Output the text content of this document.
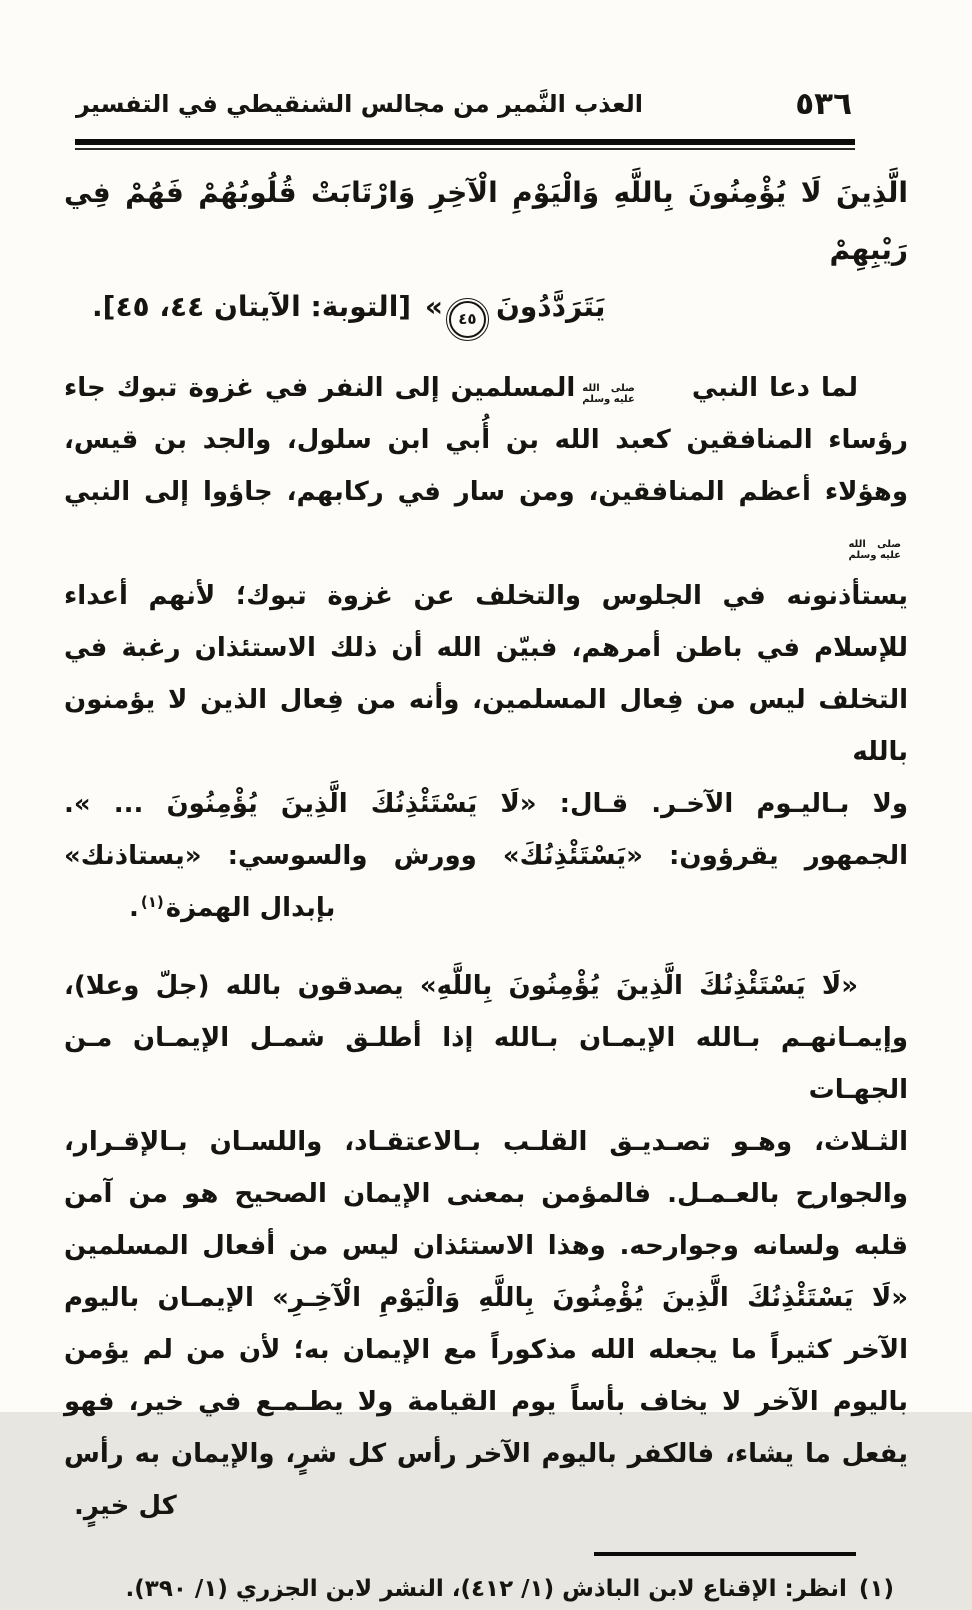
العذب النَّمير من مجالس الشنقيطي في التفسير	٥٣٦
الَّذِينَ لَا يُؤْمِنُونَ بِاللَّهِ وَالْيَوْمِ الْآخِرِ وَارْتَابَتْ قُلُوبُهُمْ فَهُمْ فِي رَيْبِهِمْ
يَتَرَدَّدُونَ٤٥» [التوبة: الآيتان ٤٤، ٤٥].
لما دعا النبي
صلى الله
عليه وسلم
المسلمين إلى النفر في غزوة تبوك جاء
رؤساء المنافقين كعبد الله بن أُبي ابن سلول، والجد بن قيس،
وهؤلاء أعظم المنافقين، ومن سار في ركابهم، جاؤوا إلى النبي
صلى الله
عليه وسلم
يستأذنونه في الجلوس والتخلف عن غزوة تبوك؛ لأنهم أعداء
للإسلام في باطن أمرهم، فبيّن الله أن ذلك الاستئذان رغبة في
التخلف ليس من فِعال المسلمين، وأنه من فِعال الذين لا يؤمنون بالله
ولا بـاليـوم الآخـر. قـال: «لَا يَسْتَئْذِنُكَ الَّذِينَ يُؤْمِنُونَ ... ».
الجمهور يقرؤون: «يَسْتَئْذِنُكَ» وورش والسوسي: «يستاذنك»
بإبدال الهمزة$^{(١)}$.
«لَا يَسْتَئْذِنُكَ الَّذِينَ يُؤْمِنُونَ بِاللَّهِ» يصدقون بالله (جلّ وعلا)،
وإيمـانهـم بـالله الإيمـان بـالله إذا أطلـق شمـل الإيمـان مـن الجهـات
الثـلاث، وهـو تصـديـق القلـب بـالاعتقـاد، واللسـان بـالإقـرار،
والجوارح بالعـمـل. فالمؤمن بمعنى الإيمان الصحيح هو من آمن
قلبه ولسانه وجوارحه. وهذا الاستئذان ليس من أفعال المسلمين
«لَا يَسْتَئْذِنُكَ الَّذِينَ يُؤْمِنُونَ بِاللَّهِ وَالْيَوْمِ الْآخِـرِ» الإيمـان باليوم
الآخر كثيراً ما يجعله الله مذكوراً مع الإيمان به؛ لأن من لم يؤمن
باليوم الآخر لا يخاف بأساً يوم القيامة ولا يطـمـع في خير، فهو
يفعل ما يشاء، فالكفر باليوم الآخر رأس كل شرٍ، والإيمان به رأس
كل خيرٍ.
(١)انظر: الإقناع لابن الباذش (١/ ٤١٢)، النشر لابن الجزري (١/ ٣٩٠).
